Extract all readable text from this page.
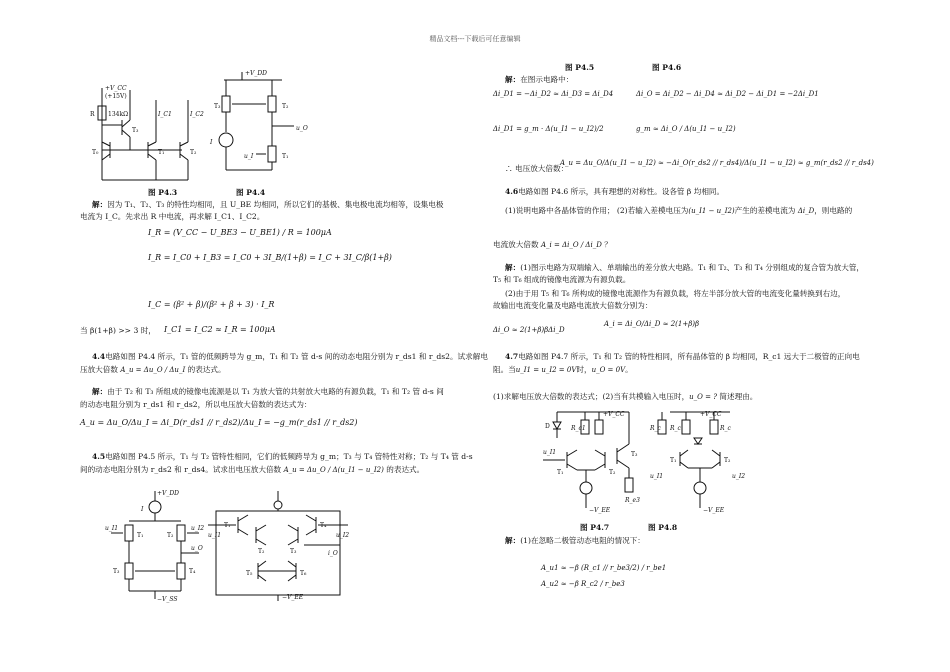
精品文档---下载后可任意编辑
+V_CC
(+15V)
R 134kΩ
T₃
T₀	T₁
I_C1
T₂
I_C2
+V_DD
T₃	T₂
u_O
I
T₁
u_I
图 P4.3	图 P4.4
解：因为 T₁、T₂、T₃ 的特性均相同，且 U_BE 均相同，所以它们的基极、集电极电流均相等，设集电极
电流为 I_C。先求出 R 中电流，再求解 I_C1、I_C2。
I_R = (V_CC − U_BE3 − U_BE1) / R = 100μA
I_R = I_C0 + I_B3 = I_C0 + 3I_B/(1+β) = I_C + 3I_C/β(1+β)
I_C = (β² + β)/(β² + β + 3) · I_R
当 β(1+β) >> 3 时， I_C1 = I_C2 ≈ I_R = 100μA
4.4电路如图 P4.4 所示，T₁ 管的低频跨导为 g_m，T₁ 和 T₂ 管 d-s 间的动态电阻分别为 r_ds1 和 r_ds2。试求解电
压放大倍数 A_u = Δu_O / Δu_I 的表达式。
解：由于 T₂ 和 T₃ 所组成的镜像电流源是以 T₁ 为放大管的共射放大电路的有源负载，T₁ 和 T₂ 管 d-s 间
的动态电阻分别为 r_ds1 和 r_ds2，所以电压放大倍数的表达式为：
A_u = Δu_O/Δu_I = Δi_D(r_ds1 // r_ds2)/Δu_I = −g_m(r_ds1 // r_ds2)
4.5电路如图 P4.5 所示，T₁ 与 T₂ 管特性相同，它们的低频跨导为 g_m；T₃ 与 T₄ 管特性对称；T₂ 与 T₄ 管 d-s
间的动态电阻分别为 r_ds2 和 r_ds4。试求出电压放大倍数 A_u = Δu_O / Δ(u_I1 − u_I2) 的表达式。
+V_DD
I
T₁	T₂
u_I1	u_I2
u_O
T₃	T₄
−V_SS
T₁
T₂
T₄
T₃
u_I1	u_I2
i_O
T₅	T₆
−V_EE
图 P4.5	图 P4.6
解：在图示电路中：
Δi_D1 = −Δi_D2 ≈ Δi_D3 = Δi_D4	Δi_O = Δi_D2 − Δi_D4 ≈ Δi_D2 − Δi_D1 = −2Δi_D1
Δi_D1 = g_m · Δ(u_I1 − u_I2)/2	g_m ≈ Δi_O / Δ(u_I1 − u_I2)
∴ 电压放大倍数：
A_u = Δu_O/Δ(u_I1 − u_I2) ≈ −Δi_O(r_ds2 // r_ds4)/Δ(u_I1 − u_I2) ≈ g_m(r_ds2 // r_ds4)
4.6电路如图 P4.6 所示，具有理想的对称性。设各管 β 均相同。
(1)说明电路中各晶体管的作用； (2)若输入差模电压为(u_I1 − u_I2)产生的差模电流为 Δi_D，则电路的
电流放大倍数 A_i = Δi_O / Δi_D ？
解：(1)图示电路为双端输入、单端输出的差分放大电路。T₁ 和 T₂、T₃ 和 T₄ 分别组成的复合管为放大管，
T₅ 和 T₆ 组成的镜像电流源为有源负载。
(2)由于用 T₅ 和 T₆ 所构成的镜像电流源作为有源负载，将左半部分放大管的电流变化量转换到右边，
故输出电流变化量及电路电流放大倍数分别为：
Δi_O ≈ 2(1+β)βΔi_D
A_i = Δi_O/Δi_D ≈ 2(1+β)β
4.7电路如图 P4.7 所示，T₁ 和 T₂ 管的特性相同，所有晶体管的 β 均相同，R_c1 远大于二极管的正向电
阻。当u_I1 = u_I2 = 0V时，u_O = 0V。
(1)求解电压放大倍数的表达式；(2)当有共模输入电压时，u_O = ? 简述理由。
+V_CC
D	R_c1
T₃
R_e3
T₁	T₂
u_I1
−V_EE
+V_CC
R_c	R_c
R_c
T₁	T₂
u_I1	u_I2
−V_EE
图 P4.7	图 P4.8
解：(1)在忽略二极管动态电阻的情况下：
A_u1 ≈ −β (R_c1 // r_be3/2) / r_be1
A_u2 ≈ −β R_c2 / r_be3
